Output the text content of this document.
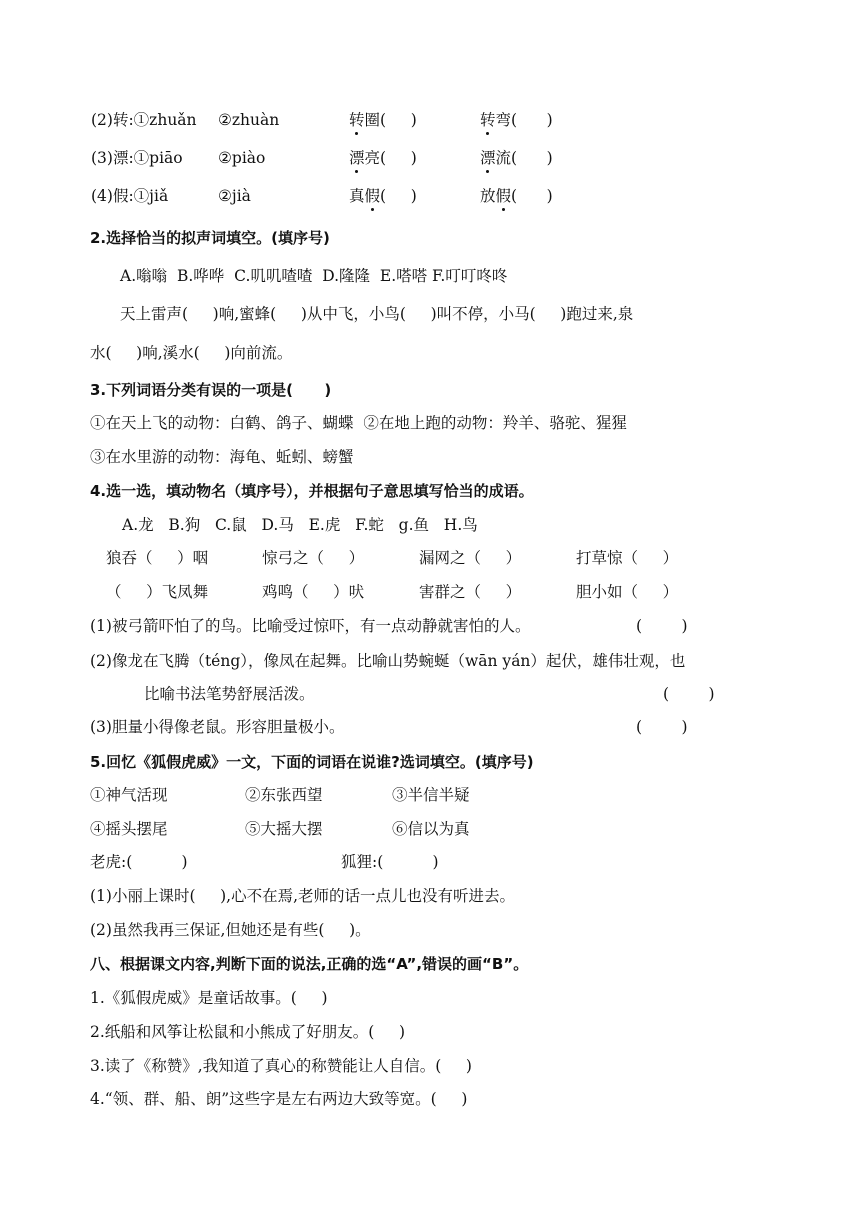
(2)转:①zhuǎn ②zhuàn	转圈( )	转弯( )
(3)漂:①piāo ②piào	漂亮( )	漂流( )
(4)假:①jiǎ	②jià	真假( )	放假( )
2.选择恰当的拟声词填空。(填序号)
A.嗡嗡  B.哗哗  C.叽叽喳喳  D.隆隆  E.嗒嗒 F.叮叮咚咚
天上雷声(     )响,蜜蜂(     )从中飞，小鸟(     )叫不停，小马(     )跑过来,泉
水(     )响,溪水(     )向前流。
3.下列词语分类有误的一项是(      )
①在天上飞的动物：白鹤、鸽子、蝴蝶  ②在地上跑的动物：羚羊、骆驼、猩猩
③在水里游的动物：海龟、蚯蚓、螃蟹
4.选一选，填动物名（填序号），并根据句子意思填写恰当的成语。
A.龙   B.狗   C.鼠   D.马   E.虎   F.蛇   g.鱼   H.鸟
狼吞（     ）咽	惊弓之（     ）	漏网之（     ）	打草惊（     ）
（     ）飞凤舞	鸡鸣（     ）吠	害群之（     ）	胆小如（     ）
(1)被弓箭吓怕了的鸟。比喻受过惊吓，有一点动静就害怕的人。	(        )
(2)像龙在飞腾（téng），像凤在起舞。比喻山势蜿蜒（wān yán）起伏，雄伟壮观，也
比喻书法笔势舒展活泼。	(        )
(3)胆量小得像老鼠。形容胆量极小。	(        )
5.回忆《狐假虎威》一文，下面的词语在说谁?选词填空。(填序号)
①神气活现	②东张西望	③半信半疑
④摇头摆尾	⑤大摇大摆	⑥信以为真
老虎:(          )	狐狸:(          )
(1)小丽上课时(     ),心不在焉,老师的话一点儿也没有听进去。
(2)虽然我再三保证,但她还是有些(     )。
八、根据课文内容,判断下面的说法,正确的选“A”,错误的画“B”。
1.《狐假虎威》是童话故事。(     )
2.纸船和风筝让松鼠和小熊成了好朋友。(     )
3.读了《称赞》,我知道了真心的称赞能让人自信。(     )
4.“领、群、船、朗”这些字是左右两边大致等宽。(     )
